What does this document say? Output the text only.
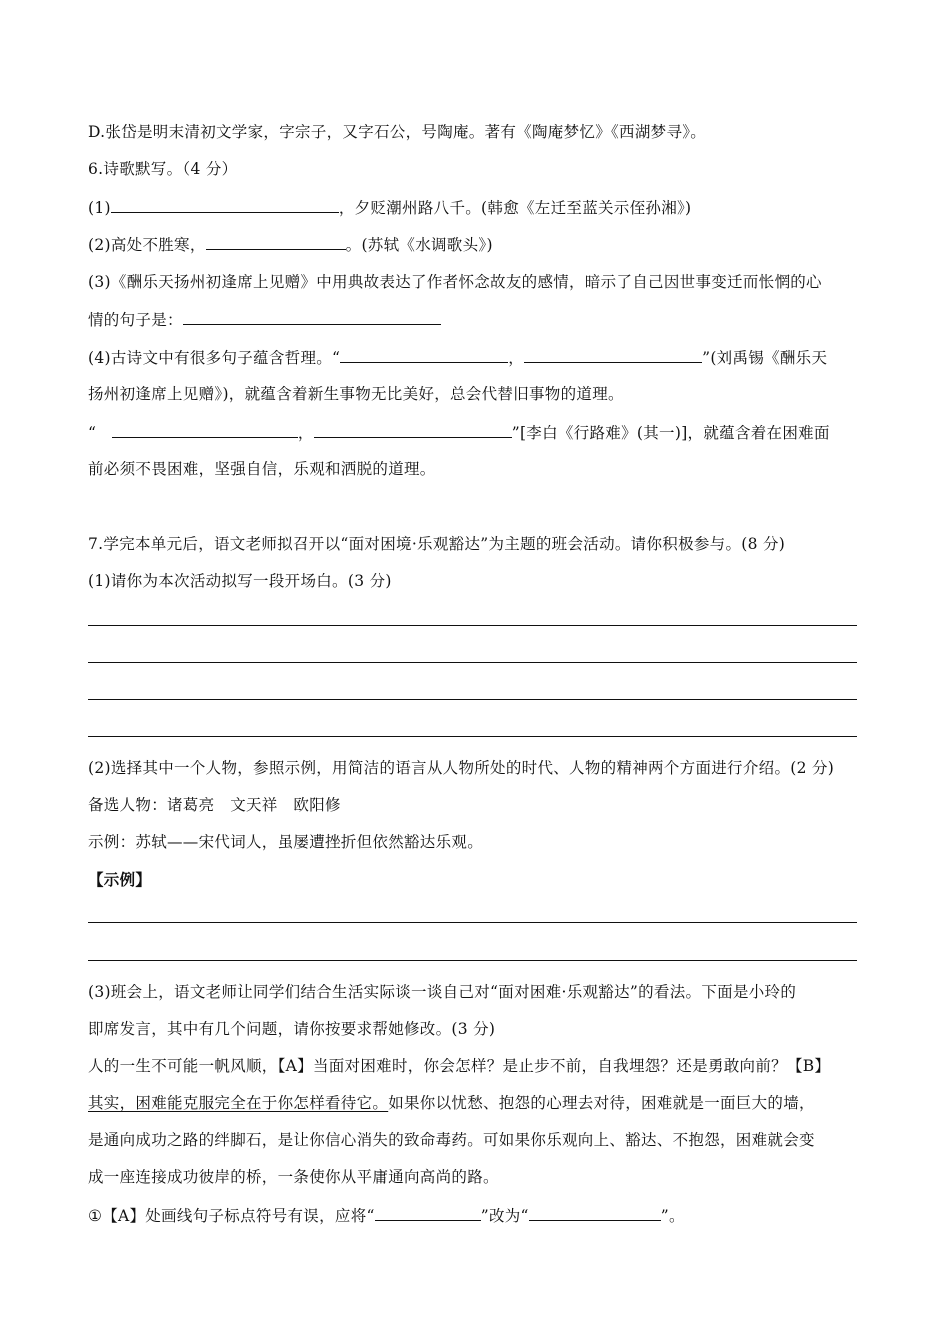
D.张岱是明末清初文学家，字宗子，又字石公，号陶庵。著有《陶庵梦忆》《西湖梦寻》。
6.诗歌默写。（4 分）
(1)	，夕贬潮州路八千。(韩愈《左迁至蓝关示侄孙湘》)
(2)高处不胜寒，	。(苏轼《水调歌头》)
(3)《酬乐天扬州初逢席上见赠》中用典故表达了作者怀念故友的感情，暗示了自己因世事变迁而怅惘的心
情的句子是：
(4)古诗文中有很多句子蕴含哲理。“	，	”(刘禹锡《酬乐天
扬州初逢席上见赠》)，就蕴含着新生事物无比美好，总会代替旧事物的道理。
“	，	”[李白《行路难》(其一)]，就蕴含着在困难面
前必须不畏困难，坚强自信，乐观和洒脱的道理。
7.学完本单元后，语文老师拟召开以“面对困境·乐观豁达”为主题的班会活动。请你积极参与。(8 分)
(1)请你为本次活动拟写一段开场白。(3 分)
(2)选择其中一个人物，参照示例，用简洁的语言从人物所处的时代、人物的精神两个方面进行介绍。(2 分)
备选人物：诸葛亮　文天祥　欧阳修
示例：苏轼——宋代词人，虽屡遭挫折但依然豁达乐观。
【示例】
(3)班会上，语文老师让同学们结合生活实际谈一谈自己对“面对困难·乐观豁达”的看法。下面是小玲的
即席发言，其中有几个问题，请你按要求帮她修改。(3 分)
人的一生不可能一帆风顺，【A】当面对困难时，你会怎样？是止步不前，自我埋怨？还是勇敢向前？【B】
其实，困难能克服完全在于你怎样看待它。如果你以忧愁、抱怨的心理去对待，困难就是一面巨大的墙，
是通向成功之路的绊脚石，是让你信心消失的致命毒药。可如果你乐观向上、豁达、不抱怨，困难就会变
成一座连接成功彼岸的桥，一条使你从平庸通向高尚的路。
①【A】处画线句子标点符号有误，应将“	”改为“	”。
